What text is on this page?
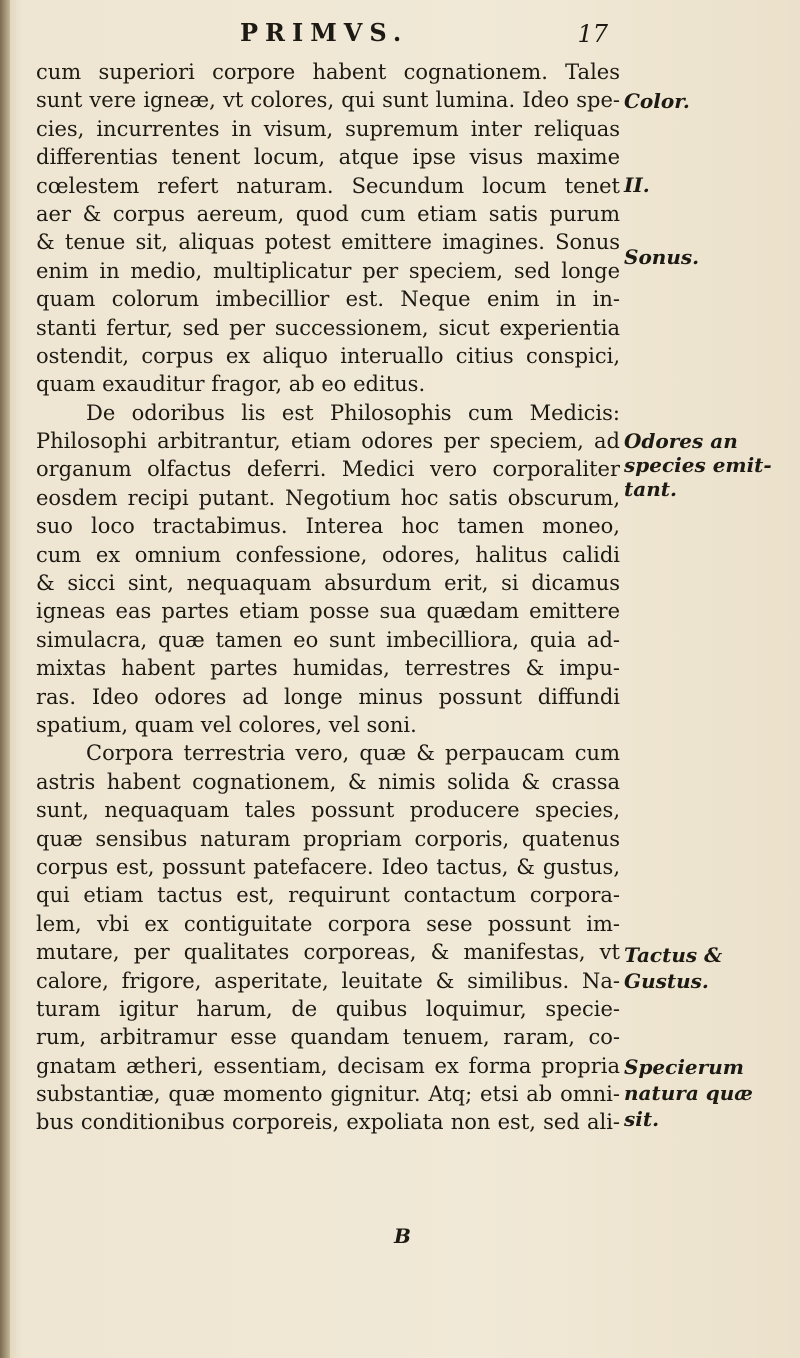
PRIMVS.	17
cum superiori corpore habent cognationem. Tales
sunt vere igneæ, vt colores, qui sunt lumina. Ideo spe-
cies, incurrentes in visum, supremum inter reliquas
differentias tenent locum, atque ipse visus maxime
cœlestem refert naturam. Secundum locum tenet
aer & corpus aereum, quod cum etiam satis purum
& tenue sit, aliquas potest emittere imagines. Sonus
enim in medio, multiplicatur per speciem, sed longe
quam colorum imbecillior est. Neque enim in in-
stanti fertur, sed per successionem, sicut experientia
ostendit, corpus ex aliquo interuallo citius conspici,
quam exauditur fragor, ab eo editus.
De odoribus lis est Philosophis cum Medicis:
Philosophi arbitrantur, etiam odores per speciem, ad
organum olfactus deferri. Medici vero corporaliter
eosdem recipi putant. Negotium hoc satis obscurum,
suo loco tractabimus. Interea hoc tamen moneo,
cum ex omnium confessione, odores, halitus calidi
& sicci sint, nequaquam absurdum erit, si dicamus
igneas eas partes etiam posse sua quædam emittere
simulacra, quæ tamen eo sunt imbecilliora, quia ad-
mixtas habent partes humidas, terrestres & impu-
ras. Ideo odores ad longe minus possunt diffundi
spatium, quam vel colores, vel soni.
Corpora terrestria vero, quæ & perpaucam cum
astris habent cognationem, & nimis solida & crassa
sunt, nequaquam tales possunt producere species,
quæ sensibus naturam propriam corporis, quatenus
corpus est, possunt patefacere. Ideo tactus, & gustus,
qui etiam tactus est, requirunt contactum corpora-
lem, vbi ex contiguitate corpora sese possunt im-
mutare, per qualitates corporeas, & manifestas, vt
calore, frigore, asperitate, leuitate & similibus. Na-
turam igitur harum, de quibus loquimur, specie-
rum, arbitramur esse quandam tenuem, raram, co-
gnatam ætheri, essentiam, decisam ex forma propria
substantiæ, quæ momento gignitur. Atq; etsi ab omni-
bus conditionibus corporeis, expoliata non est, sed ali-
Color.
II.
Sonus.
Odores an
species emit-
tant.
Tactus &
Gustus.
Specierum
natura quæ
sit.
B
